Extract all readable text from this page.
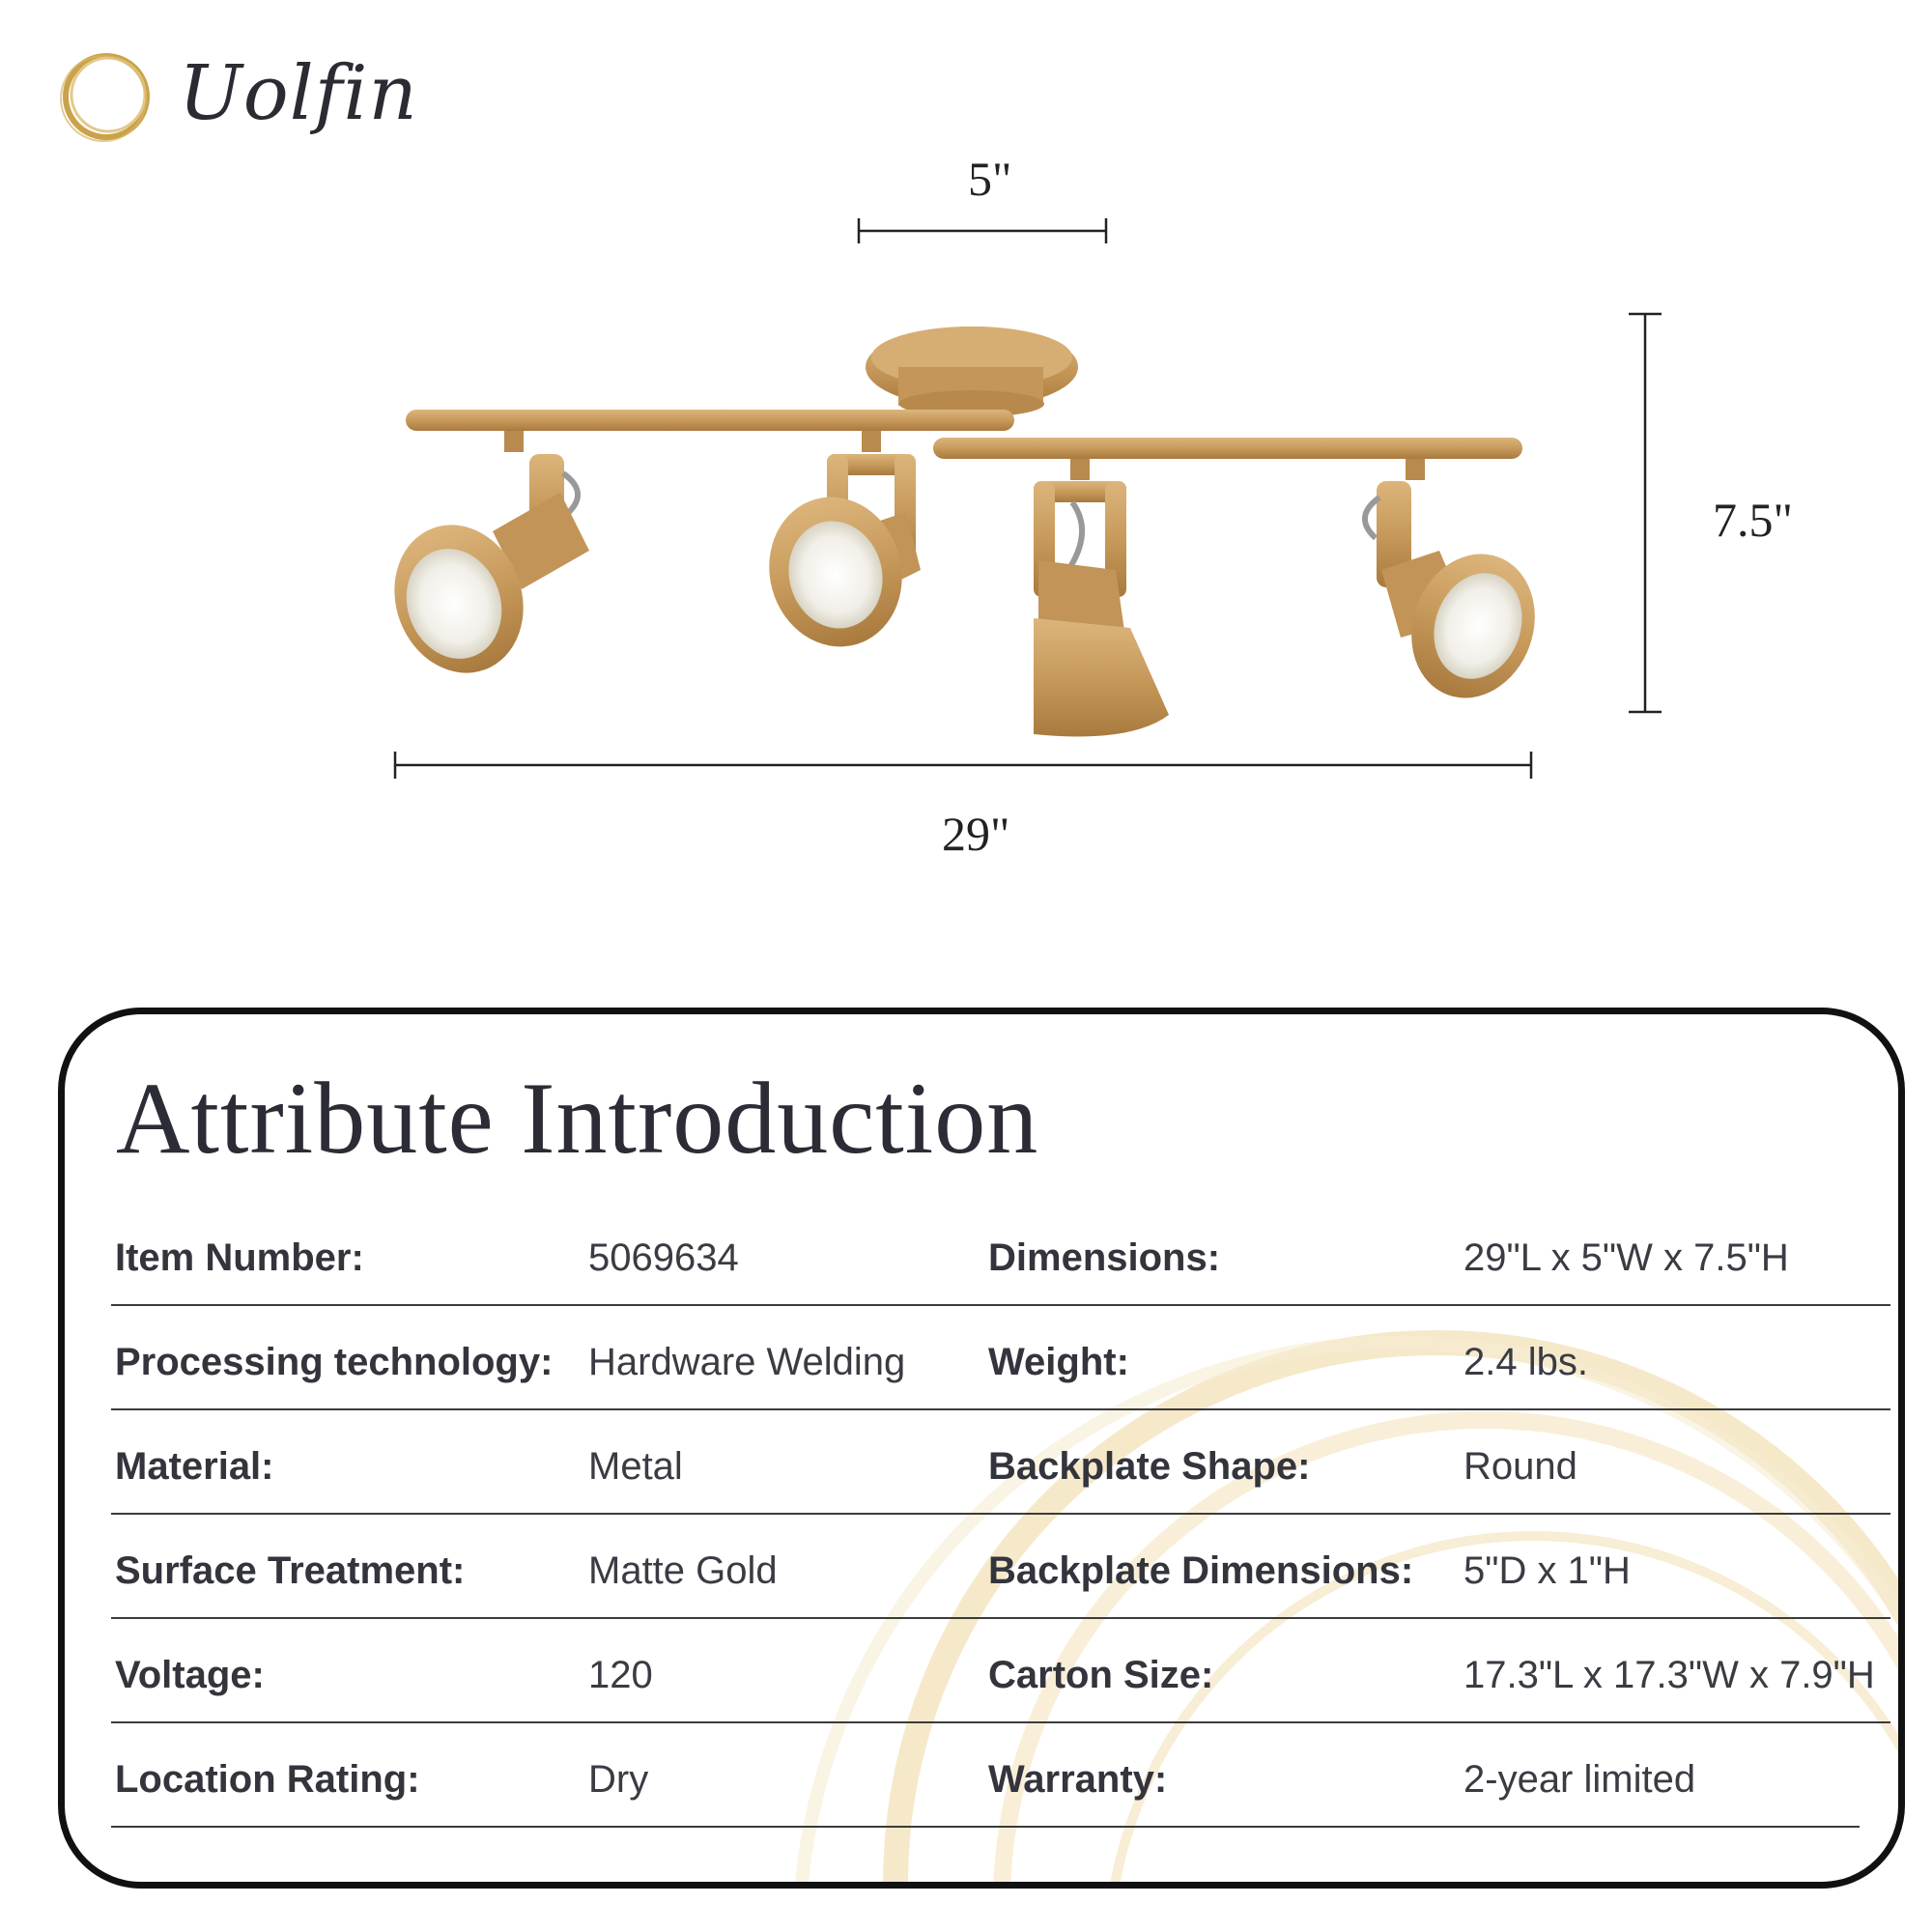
Uolfin
5"
7.5"
29"
Attribute Introduction
Item Number:	5069634	Dimensions:	29"L x 5"W x 7.5"H
Processing technology: Hardware Welding Weight:	2.4 lbs.
Material:	Metal	Backplate Shape:	Round
Surface Treatment:	Matte Gold	Backplate Dimensions: 5"D x 1"H
Voltage:	120	Carton Size:	17.3"L x 17.3"W x 7.9"H
Location Rating:	Dry	Warranty:	2-year limited
